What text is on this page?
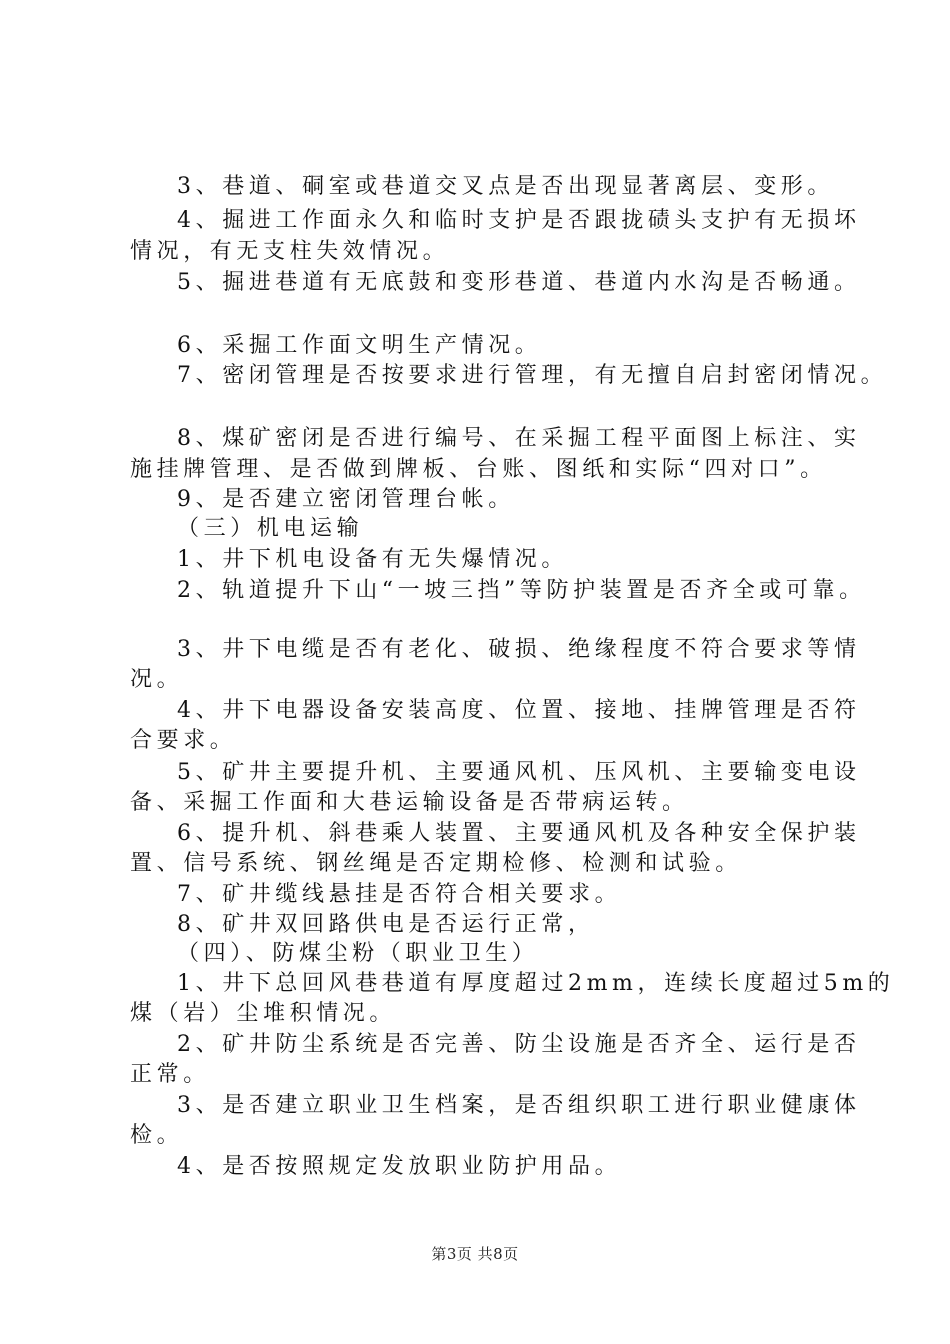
3、巷道、硐室或巷道交叉点是否出现显著离层、变形。
4、掘进工作面永久和临时支护是否跟拢碛头支护有无损坏
情况，有无支柱失效情况。
5、掘进巷道有无底鼓和变形巷道、巷道内水沟是否畅通。
6、采掘工作面文明生产情况。
7、密闭管理是否按要求进行管理，有无擅自启封密闭情况。
8、煤矿密闭是否进行编号、在采掘工程平面图上标注、实
施挂牌管理、是否做到牌板、台账、图纸和实际“四对口”。
9、是否建立密闭管理台帐。
（三）机电运输
1、井下机电设备有无失爆情况。
2、轨道提升下山“一坡三挡”等防护装置是否齐全或可靠。
3、井下电缆是否有老化、破损、绝缘程度不符合要求等情
况。
4、井下电器设备安装高度、位置、接地、挂牌管理是否符
合要求。
5、矿井主要提升机、主要通风机、压风机、主要输变电设
备、采掘工作面和大巷运输设备是否带病运转。
6、提升机、斜巷乘人装置、主要通风机及各种安全保护装
置、信号系统、钢丝绳是否定期检修、检测和试验。
7、矿井缆线悬挂是否符合相关要求。
8、矿井双回路供电是否运行正常，
（四）、防煤尘粉（职业卫生）
1、井下总回风巷巷道有厚度超过2mm，连续长度超过5m的
煤（岩）尘堆积情况。
2、矿井防尘系统是否完善、防尘设施是否齐全、运行是否
正常。
3、是否建立职业卫生档案，是否组织职工进行职业健康体
检。
4、是否按照规定发放职业防护用品。
第3页 共8页
